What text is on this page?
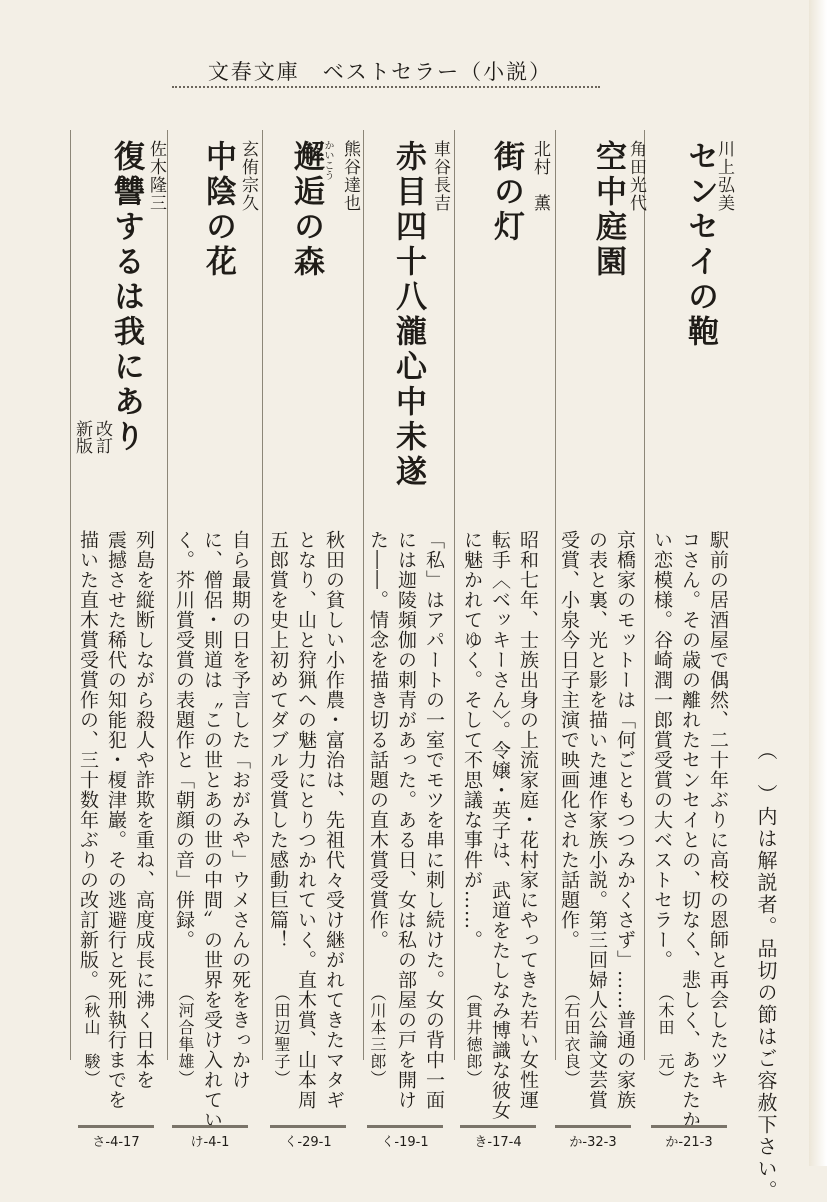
文春文庫　ベストセラー（小説）
（　）内は解説者。品切の節はご容赦下さい。
川上弘美
センセイの鞄
駅前の居酒屋で偶然、二十年ぶりに高校の恩師と再会したツキ
コさん。その歳の離れたセンセイとの、切なく、悲しく、あたたか
い恋模様。谷崎潤一郎賞受賞の大ベストセラー。
（木田　元）
か-21-3
角田光代
空中庭園
京橋家のモットーは「何ごともつつみかくさず」……普通の家族
の表と裏、光と影を描いた連作家族小説。第三回婦人公論文芸賞
受賞、小泉今日子主演で映画化された話題作。
（石田衣良）
か-32-3
北村　薫
街の灯
昭和七年、士族出身の上流家庭・花村家にやってきた若い女性運
転手〈ベッキーさん〉。令嬢・英子は、武道をたしなみ博識な彼女
に魅かれてゆく。そして不思議な事件が……。
（貫井徳郎）
き-17-4
車谷長吉
赤目四十八瀧心中未遂
「私」はアパートの一室でモツを串に刺し続けた。女の背中一面
には迦陵頻伽の刺青があった。ある日、女は私の部屋の戸を開け
た――。情念を描き切る話題の直木賞受賞作。
（川本三郎）
く-19-1
熊谷達也
邂逅の森
かいこう
秋田の貧しい小作農・富治は、先祖代々受け継がれてきたマタギ
となり、山と狩猟への魅力にとりつかれていく。直木賞、山本周
五郎賞を史上初めてダブル受賞した感動巨篇！
（田辺聖子）
く-29-1
玄侑宗久
中陰の花
自ら最期の日を予言した「おがみや」ウメさんの死をきっかけ
に、僧侶・則道は〝この世とあの世の中間〟の世界を受け入れてい
く。芥川賞受賞の表題作と「朝顔の音」併録。
（河合隼雄）
け-4-1
佐木隆三
復讐するは我にあり
改訂
新版
列島を縦断しながら殺人や詐欺を重ね、高度成長に沸く日本を
震撼させた稀代の知能犯・榎津巖。その逃避行と死刑執行までを
描いた直木賞受賞作の、三十数年ぶりの改訂新版。
（秋山　駿）
さ-4-17
